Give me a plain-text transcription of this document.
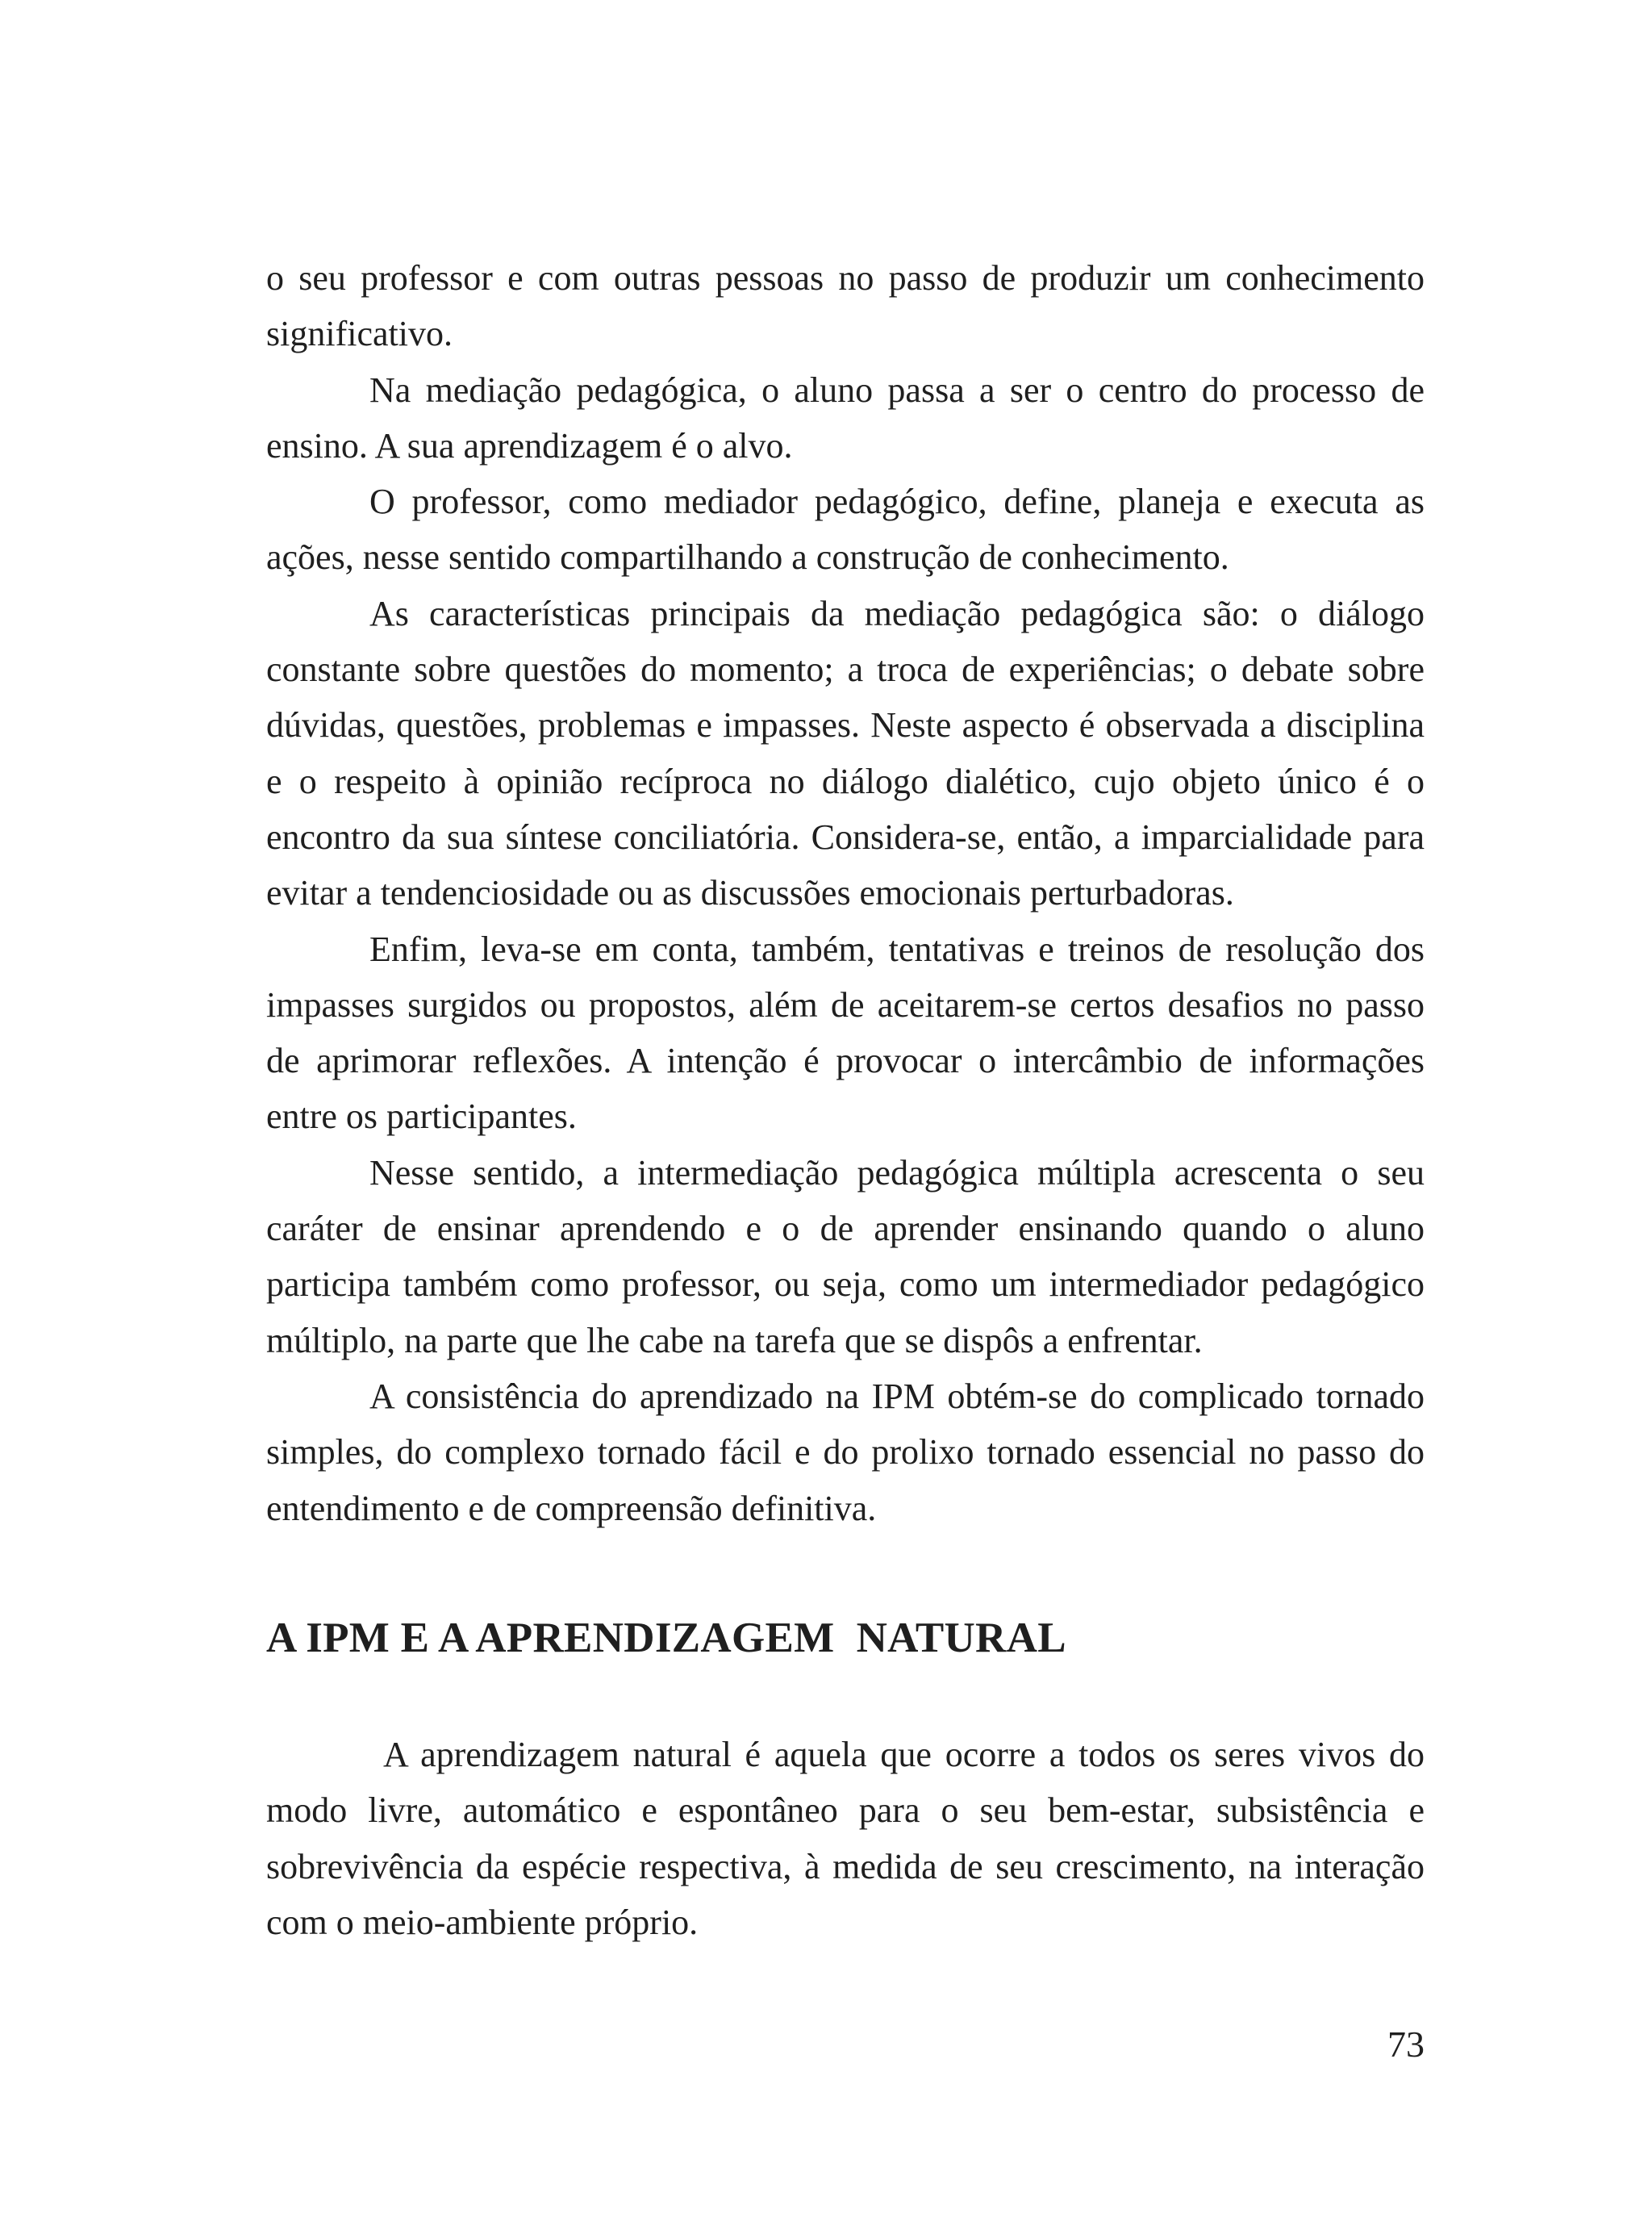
o seu professor e com outras pessoas no passo de produzir um conhecimento significativo.

Na mediação pedagógica, o aluno passa a ser o centro do processo de ensino. A sua aprendizagem é o alvo.

O professor, como mediador pedagógico, define, planeja e executa as ações, nesse sentido compartilhando a construção de conhecimento.

As características principais da mediação pedagógica são: o diálogo constante sobre questões do momento; a troca de experiências; o debate sobre dúvidas, questões, problemas e impasses. Neste aspecto é observada a disciplina e o respeito à opinião recíproca no diálogo dialético, cujo objeto único é o encontro da sua síntese conciliatória. Considera-se, então, a imparcialidade para evitar a tendenciosidade ou as discussões emocionais perturbadoras.

Enfim, leva-se em conta, também, tentativas e treinos de resolução dos impasses surgidos ou propostos, além de aceitarem-se certos desafios no passo de aprimorar reflexões. A intenção é provocar o intercâmbio de informações entre os participantes.

Nesse sentido, a intermediação pedagógica múltipla acrescenta o seu caráter de ensinar aprendendo e o de aprender ensinando quando o aluno participa também como professor, ou seja, como um intermediador pedagógico múltiplo, na parte que lhe cabe na tarefa que se dispôs a enfrentar.

A consistência do aprendizado na IPM obtém-se do complicado tornado simples, do complexo tornado fácil e do prolixo tornado essencial no passo do entendimento e de compreensão definitiva.

A IPM E A APRENDIZAGEM  NATURAL

A aprendizagem natural é aquela que ocorre a todos os seres vivos do modo livre, automático e espontâneo para o seu bem-estar, subsistência e sobrevivência da espécie respectiva, à medida de seu crescimento, na interação com o meio-ambiente próprio.

73
